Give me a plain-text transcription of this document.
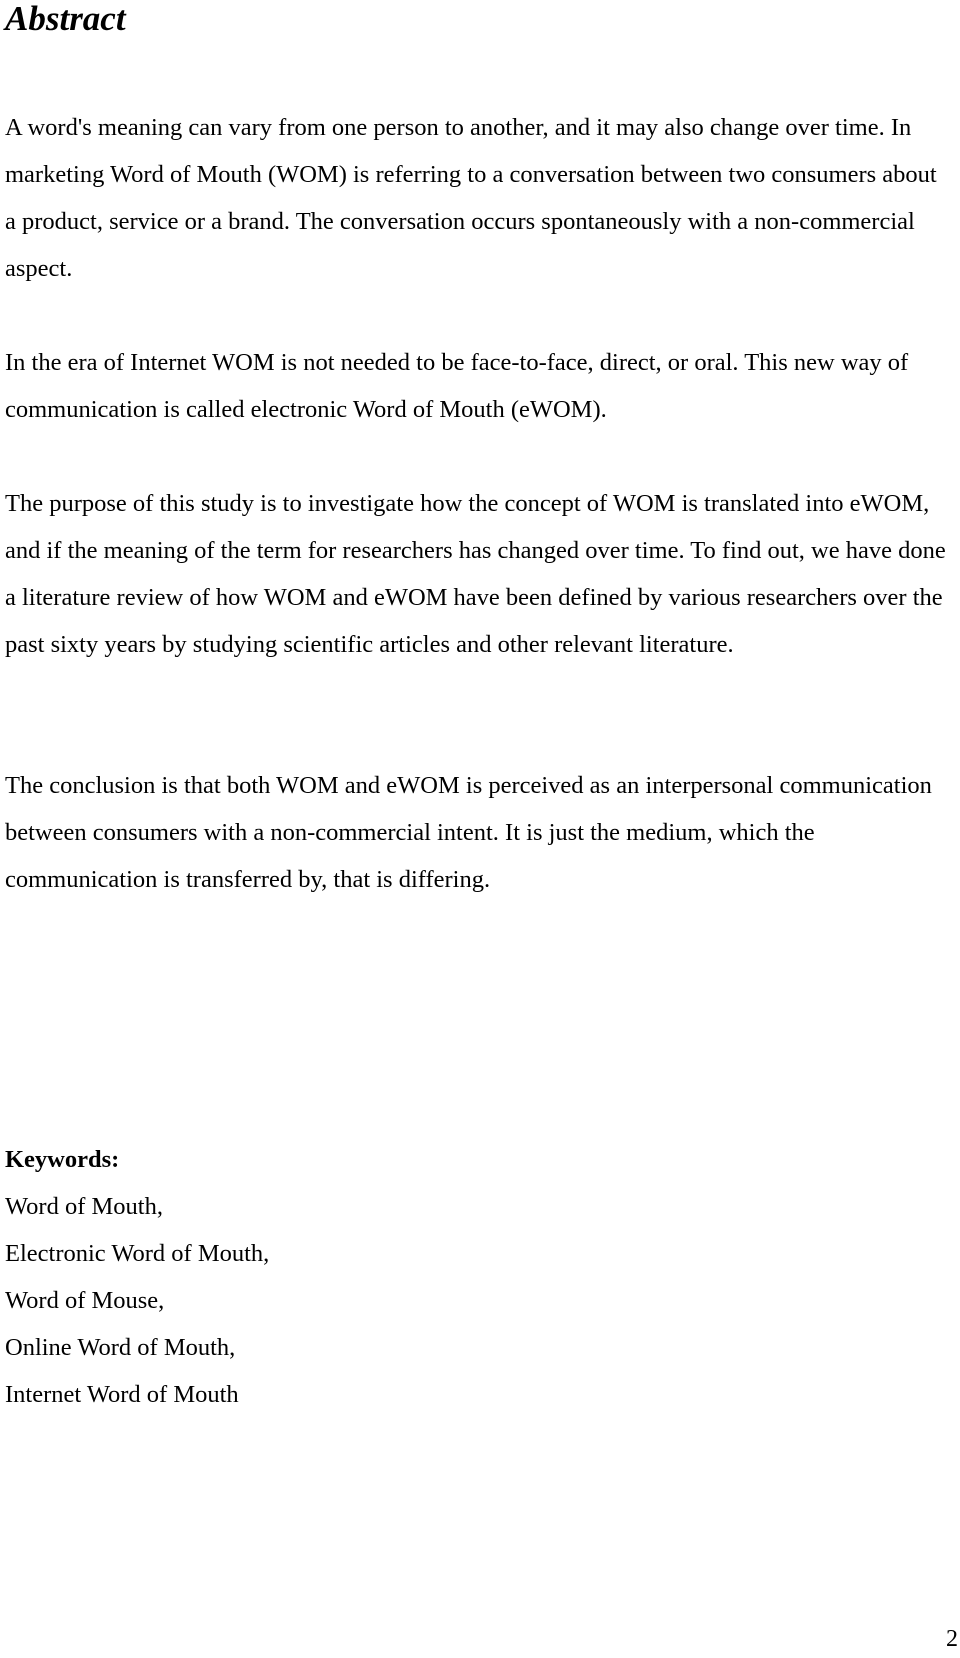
Abstract

A word's meaning can vary from one person to another, and it may also change over time. In marketing Word of Mouth (WOM) is referring to a conversation between two consumers about a product, service or a brand. The conversation occurs spontaneously with a non-commercial aspect.

In the era of Internet WOM is not needed to be face-to-face, direct, or oral. This new way of communication is called electronic Word of Mouth (eWOM).

The purpose of this study is to investigate how the concept of WOM is translated into eWOM, and if the meaning of the term for researchers has changed over time. To find out, we have done a literature review of how WOM and eWOM have been defined by various researchers over the past sixty years by studying scientific articles and other relevant literature.

The conclusion is that both WOM and eWOM is perceived as an interpersonal communication between consumers with a non-commercial intent. It is just the medium, which the communication is transferred by, that is differing.

Keywords:
Word of Mouth,
Electronic Word of Mouth,
Word of Mouse,
Online Word of Mouth,
Internet Word of Mouth
2
